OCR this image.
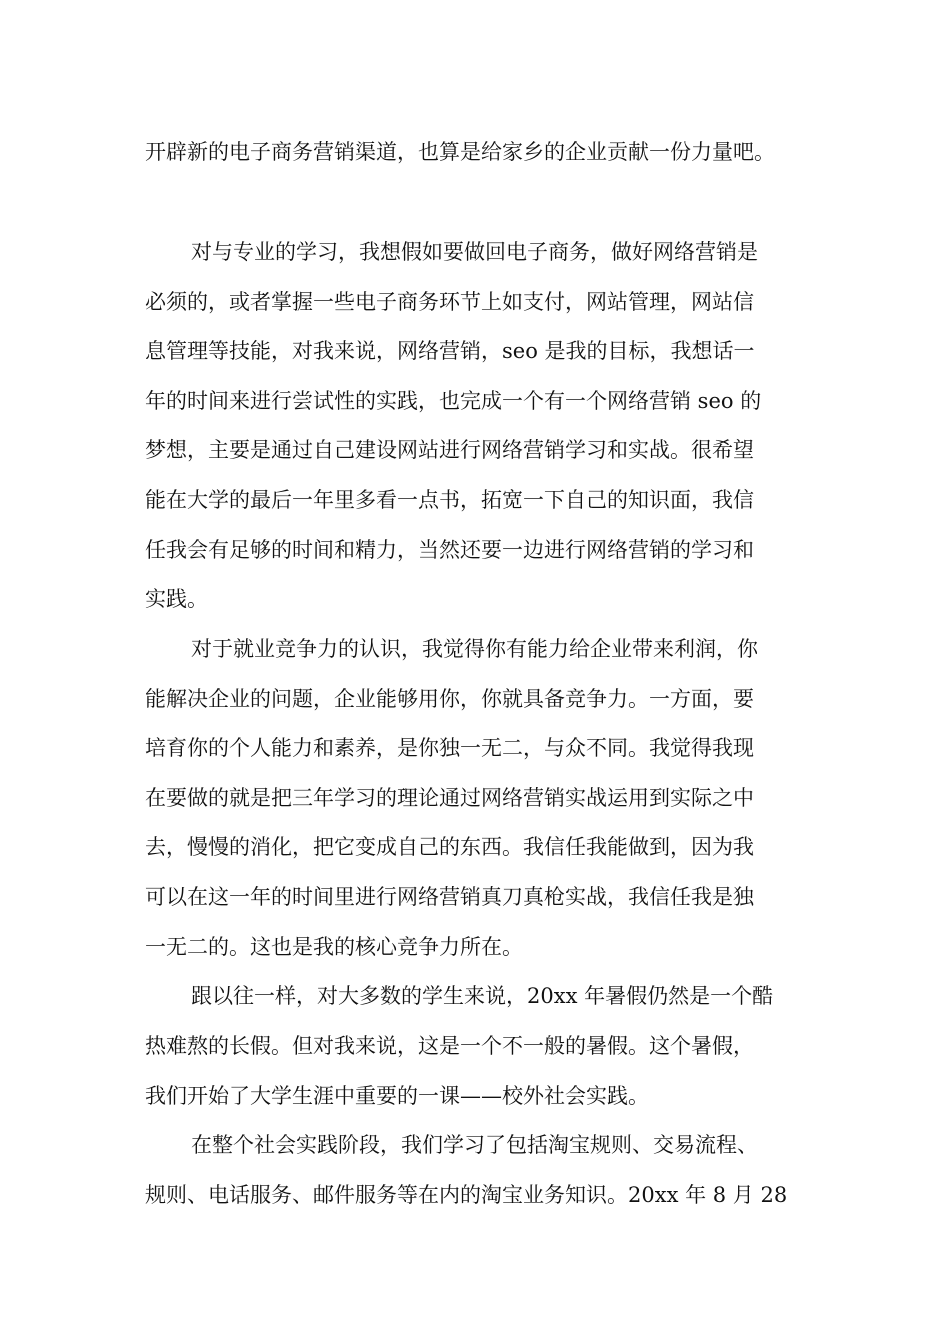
开辟新的电子商务营销渠道，也算是给家乡的企业贡献一份力量吧。
对与专业的学习，我想假如要做回电子商务，做好网络营销是
必须的，或者掌握一些电子商务环节上如支付，网站管理，网站信
息管理等技能，对我来说，网络营销，seo 是我的目标，我想话一
年的时间来进行尝试性的实践，也完成一个有一个网络营销 seo 的
梦想，主要是通过自己建设网站进行网络营销学习和实战。很希望
能在大学的最后一年里多看一点书，拓宽一下自己的知识面，我信
任我会有足够的时间和精力，当然还要一边进行网络营销的学习和
实践。
对于就业竞争力的认识，我觉得你有能力给企业带来利润，你
能解决企业的问题，企业能够用你，你就具备竞争力。一方面，要
培育你的个人能力和素养，是你独一无二，与众不同。我觉得我现
在要做的就是把三年学习的理论通过网络营销实战运用到实际之中
去，慢慢的消化，把它变成自己的东西。我信任我能做到，因为我
可以在这一年的时间里进行网络营销真刀真枪实战，我信任我是独
一无二的。这也是我的核心竞争力所在。
跟以往一样，对大多数的学生来说，20xx 年暑假仍然是一个酷
热难熬的长假。但对我来说，这是一个不一般的暑假。这个暑假，
我们开始了大学生涯中重要的一课——校外社会实践。
在整个社会实践阶段，我们学习了包括淘宝规则、交易流程、
规则、电话服务、邮件服务等在内的淘宝业务知识。20xx 年 8 月 28
